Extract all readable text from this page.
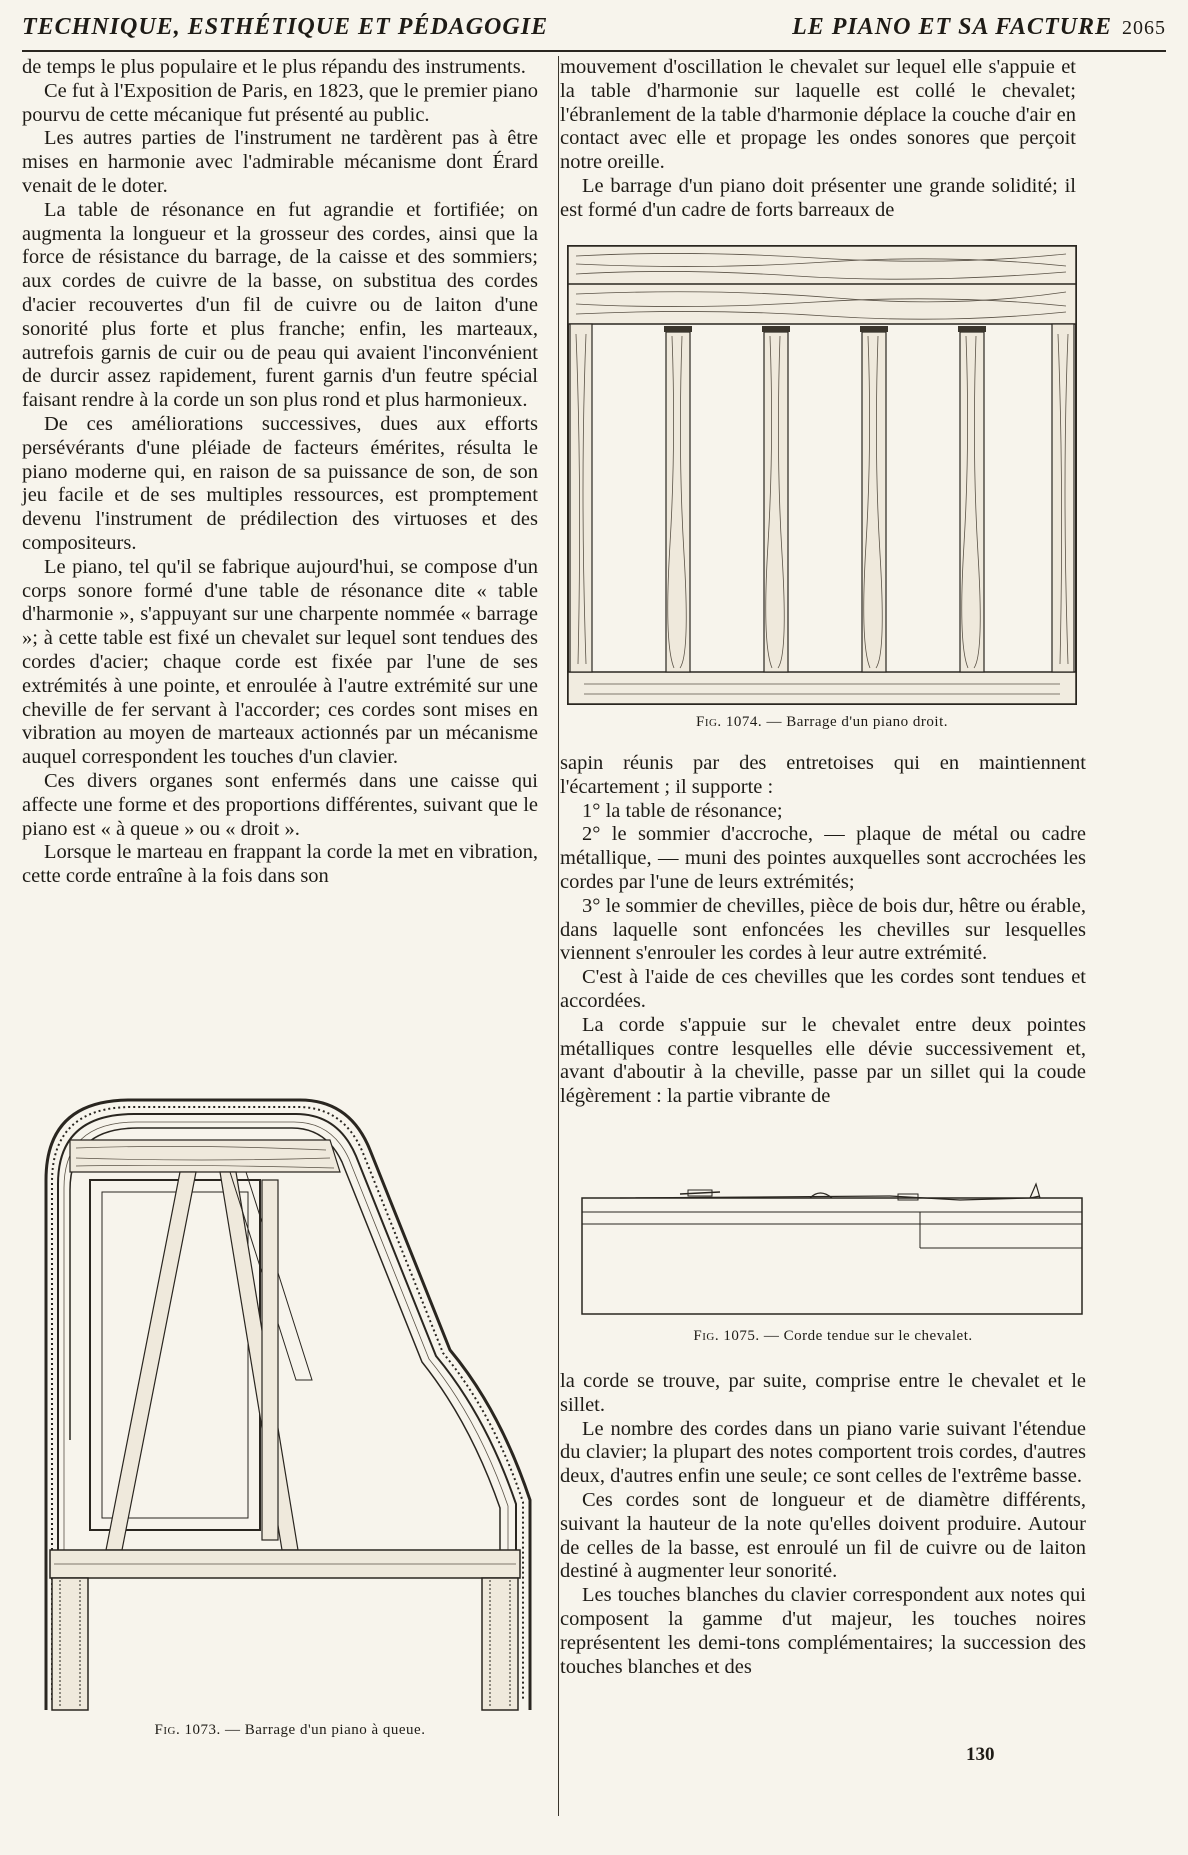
TECHNIQUE, ESTHÉTIQUE ET PÉDAGOGIE	LE PIANO ET SA FACTURE 2065

de temps le plus populaire et le plus répandu des instruments.

Ce fut à l'Exposition de Paris, en 1823, que le premier piano pourvu de cette mécanique fut présenté au public.

Les autres parties de l'instrument ne tardèrent pas à être mises en harmonie avec l'admirable mécanisme dont Érard venait de le doter.

La table de résonance en fut agrandie et fortifiée; on augmenta la longueur et la grosseur des cordes, ainsi que la force de résistance du barrage, de la caisse et des sommiers; aux cordes de cuivre de la basse, on substitua des cordes d'acier recouvertes d'un fil de cuivre ou de laiton d'une sonorité plus forte et plus franche; enfin, les marteaux, autrefois garnis de cuir ou de peau qui avaient l'inconvénient de durcir assez rapidement, furent garnis d'un feutre spécial faisant rendre à la corde un son plus rond et plus harmonieux.

De ces améliorations successives, dues aux efforts persévérants d'une pléiade de facteurs émérites, résulta le piano moderne qui, en raison de sa puissance de son, de son jeu facile et de ses multiples ressources, est promptement devenu l'instrument de prédilection des virtuoses et des compositeurs.

Le piano, tel qu'il se fabrique aujourd'hui, se compose d'un corps sonore formé d'une table de résonance dite « table d'harmonie », s'appuyant sur une charpente nommée « barrage »; à cette table est fixé un chevalet sur lequel sont tendues des cordes d'acier; chaque corde est fixée par l'une de ses extrémités à une pointe, et enroulée à l'autre extrémité sur une cheville de fer servant à l'accorder; ces cordes sont mises en vibration au moyen de marteaux actionnés par un mécanisme auquel correspondent les touches d'un clavier.

Ces divers organes sont enfermés dans une caisse qui affecte une forme et des proportions différentes, suivant que le piano est « à queue » ou « droit ».

Lorsque le marteau en frappant la corde la met en vibration, cette corde entraîne à la fois dans son

mouvement d'oscillation le chevalet sur lequel elle s'appuie et la table d'harmonie sur laquelle est collé le chevalet; l'ébranlement de la table d'harmonie déplace la couche d'air en contact avec elle et propage les ondes sonores que perçoit notre oreille.

Le barrage d'un piano doit présenter une grande solidité; il est formé d'un cadre de forts barreaux de

Fig. 1074. — Barrage d'un piano droit.

sapin réunis par des entretoises qui en maintiennent l'écartement ; il supporte :

1° la table de résonance;

2° le sommier d'accroche, — plaque de métal ou cadre métallique, — muni des pointes auxquelles sont accrochées les cordes par l'une de leurs extrémités;

3° le sommier de chevilles, pièce de bois dur, hêtre ou érable, dans laquelle sont enfoncées les chevilles sur lesquelles viennent s'enrouler les cordes à leur autre extrémité.

C'est à l'aide de ces chevilles que les cordes sont tendues et accordées.

La corde s'appuie sur le chevalet entre deux pointes métalliques contre lesquelles elle dévie successivement et, avant d'aboutir à la cheville, passe par un sillet qui la coude légèrement : la partie vibrante de

Fig. 1075. — Corde tendue sur le chevalet.

la corde se trouve, par suite, comprise entre le chevalet et le sillet.

Le nombre des cordes dans un piano varie suivant l'étendue du clavier; la plupart des notes comportent trois cordes, d'autres deux, d'autres enfin une seule; ce sont celles de l'extrême basse.

Ces cordes sont de longueur et de diamètre différents, suivant la hauteur de la note qu'elles doivent produire. Autour de celles de la basse, est enroulé un fil de cuivre ou de laiton destiné à augmenter leur sonorité.

Les touches blanches du clavier correspondent aux notes qui composent la gamme d'ut majeur, les touches noires représentent les demi-tons complémentaires; la succession des touches blanches et des

Fig. 1073. — Barrage d'un piano à queue.
130
